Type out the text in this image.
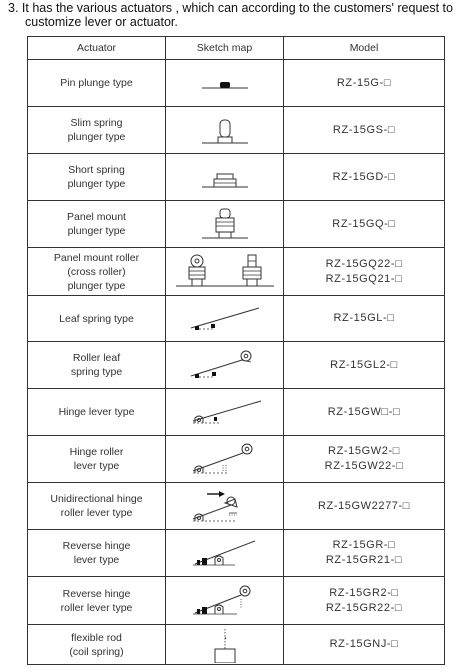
3. It has the various actuators , which can according to the customers' request to
customize lever or actuator.
Actuator	Sketch map	Model

Pin plunge type		RZ-15G-□

Slim spring
plunger type		RZ-15GS-□

Short spring
plunger type		RZ-15GD-□

Panel mount
plunger type		RZ-15GQ-□

Panel mount roller
(cross roller)
plunger type		RZ-15GQ22-□
RZ-15GQ21-□

Leaf spring type		RZ-15GL-□

Roller leaf
spring type		RZ-15GL2-□

Hinge lever type		RZ-15GW□-□

Hinge roller
lever type		RZ-15GW2-□
RZ-15GW22-□

Unidirectional hinge
roller lever type		RZ-15GW2277-□

Reverse hinge
lever type		RZ-15GR-□
RZ-15GR21-□

Reverse hinge
roller lever type		RZ-15GR2-□
RZ-15GR22-□

flexible rod
(coil spring)		RZ-15GNJ-□
